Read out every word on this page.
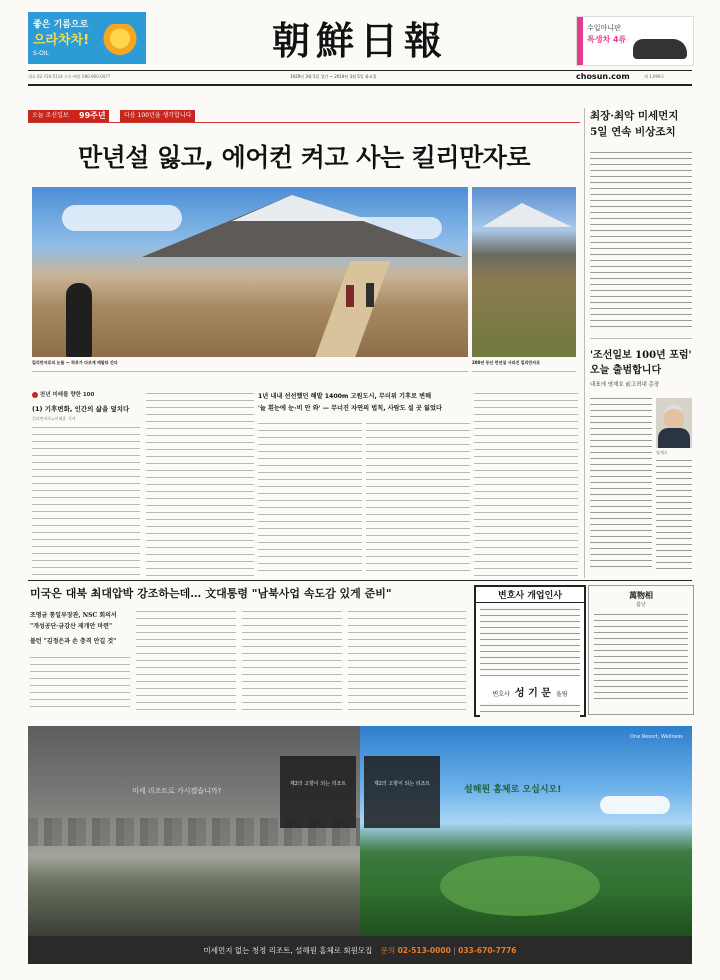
좋은 기름으로
으라차차!
S-OIL	朝鮮日報	수입마니판
특생차 4류
대표 02-724-5114 구독·배달 080-900-0077	1920년 3월 5일 창간 ~ 2019년 3월 5일 화요일	chosun.com	제 1,999호
오늘 조선일보	99주년	다음 100년을 생각합니다
만년설 잃고, 에어컨 켜고 사는 킬리만자로
킬리만자로의 눈물 — 하루가 다르게 메말라 간다	200년 동안 만년설 사라진 킬리만자로
천년 미래를 향한 100
(1) 기후변화, 인간의 삶을 덮치다
킬리만자로=이태훈 기자
1년 내내 선선했던 해발 1400m 고원도시, 무더위 기후로 변해
'늘 흰눈에 눈·비 안 와' — 무너진 자연의 법칙, 사람도 설 곳 잃었다
최장·최악 미세먼지
5일 연속 비상조치
'조선일보 100년 포럼'
오늘 출범합니다
대표에 염재호 前고려대 총장
염재호
미국은 대북 최대압박 강조하는데… 文대통령 "남북사업 속도감 있게 준비"
조명균 통일부장관, NSC 회의서
"개성공단·금강산 재개안 마련"
볼턴 "김정은과 손 충격 안길 것"
변호사 개업인사
변호사 성 기 문 올림
萬物相
봄날
미세 리조트로 가시겠습니까?	설해원 홈체로 오십시오!
One Resort, Wellness
제2의 고향이 되는 리조트	제2의 고향이 되는 리조트
미세먼지 없는 청정 리조트, 설해원 홈체로 회원모집 문의 02-513-0000 | 033-670-7776
